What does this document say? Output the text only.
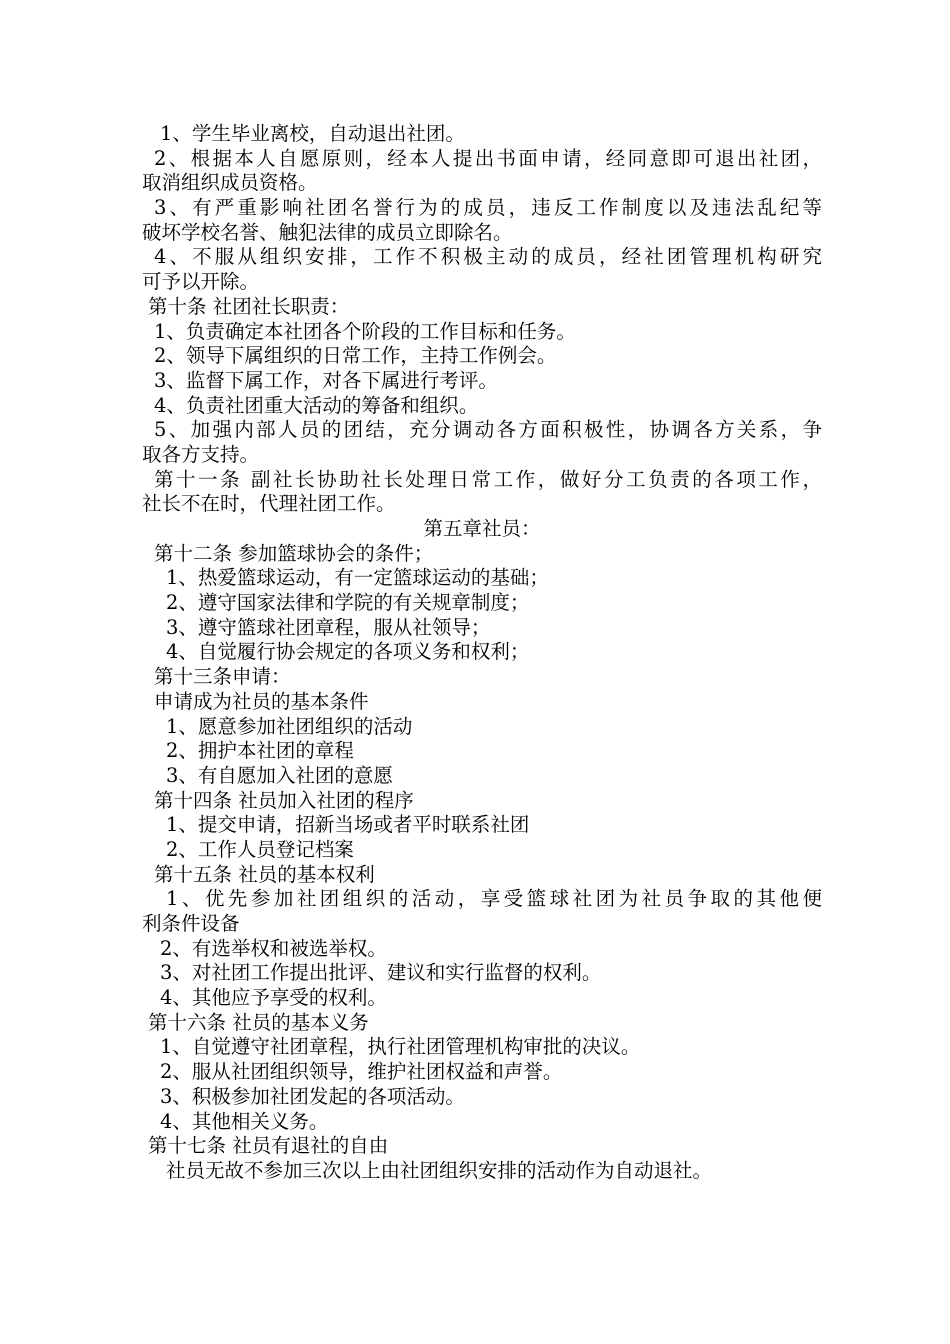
1、学生毕业离校，自动退出社团。
2、根据本人自愿原则，经本人提出书面申请，经同意即可退出社团，
取消组织成员资格。
3、有严重影响社团名誉行为的成员，违反工作制度以及违法乱纪等
破坏学校名誉、触犯法律的成员立即除名。
4、不服从组织安排，工作不积极主动的成员，经社团管理机构研究
可予以开除。
第十条 社团社长职责：
1、负责确定本社团各个阶段的工作目标和任务。
2、领导下属组织的日常工作，主持工作例会。
3、监督下属工作，对各下属进行考评。
4、负责社团重大活动的筹备和组织。
5、加强内部人员的团结，充分调动各方面积极性，协调各方关系，争
取各方支持。
第十一条 副社长协助社长处理日常工作，做好分工负责的各项工作，
社长不在时，代理社团工作。
第五章社员：
第十二条 参加篮球协会的条件；
1、热爱篮球运动，有一定篮球运动的基础；
2、遵守国家法律和学院的有关规章制度；
3、遵守篮球社团章程，服从社领导；
4、自觉履行协会规定的各项义务和权利；
第十三条申请：
申请成为社员的基本条件
1、愿意参加社团组织的活动
2、拥护本社团的章程
3、有自愿加入社团的意愿
第十四条 社员加入社团的程序
1、提交申请，招新当场或者平时联系社团
2、工作人员登记档案
第十五条 社员的基本权利
1、优先参加社团组织的活动，享受篮球社团为社员争取的其他便
利条件设备
2、有选举权和被选举权。
3、对社团工作提出批评、建议和实行监督的权利。
4、其他应予享受的权利。
第十六条 社员的基本义务
1、自觉遵守社团章程，执行社团管理机构审批的决议。
2、服从社团组织领导，维护社团权益和声誉。
3、积极参加社团发起的各项活动。
4、其他相关义务。
第十七条 社员有退社的自由
社员无故不参加三次以上由社团组织安排的活动作为自动退社。
